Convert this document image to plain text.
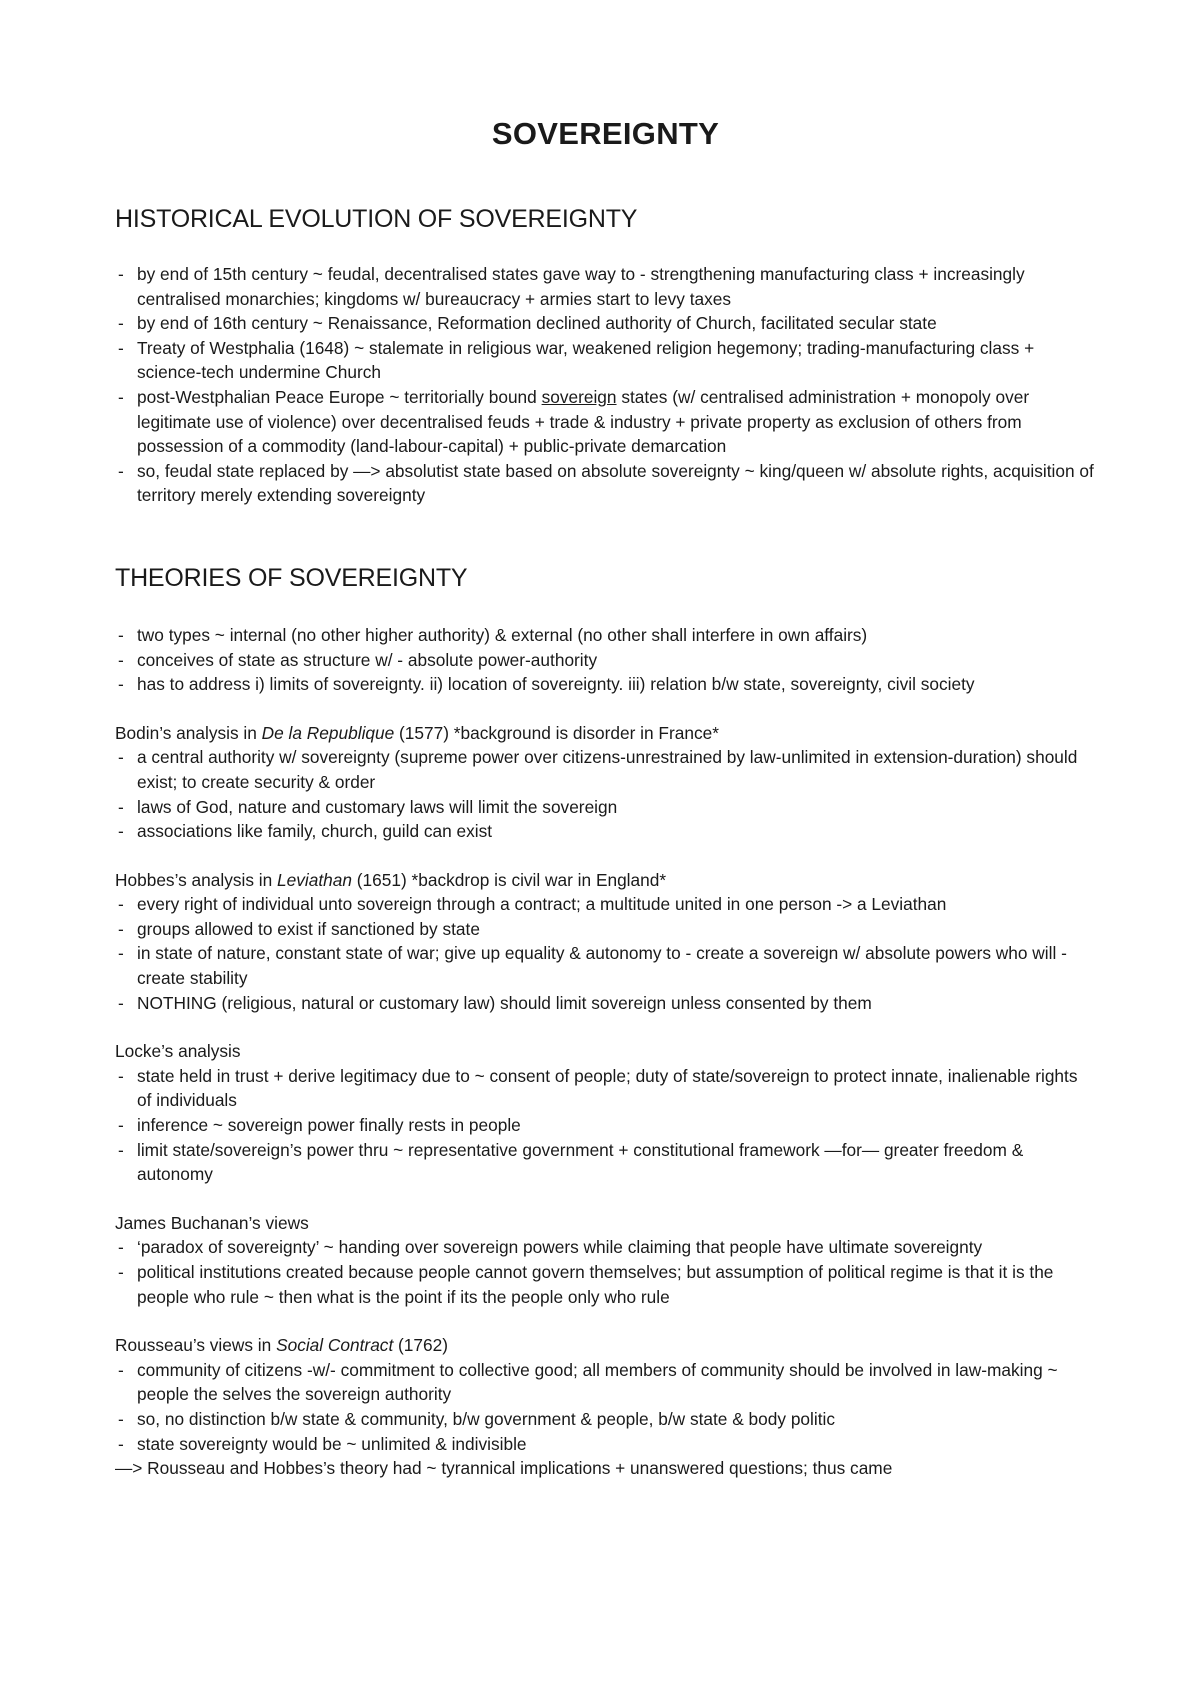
SOVEREIGNTY
HISTORICAL EVOLUTION OF SOVEREIGNTY
- by end of 15th century ~ feudal, decentralised states gave way to - strengthening manufacturing class + increasingly centralised monarchies; kingdoms w/ bureaucracy + armies start to levy taxes
- by end of 16th century ~ Renaissance, Reformation declined authority of Church, facilitated secular state
- Treaty of Westphalia (1648) ~ stalemate in religious war, weakened religion hegemony; trading-manufacturing class + science-tech undermine Church
- post-Westphalian Peace Europe ~ territorially bound sovereign states (w/ centralised administration + monopoly over legitimate use of violence) over decentralised feuds + trade & industry + private property as exclusion of others from possession of a commodity (land-labour-capital) + public-private demarcation
- so, feudal state replaced by —> absolutist state based on absolute sovereignty ~ king/queen w/ absolute rights, acquisition of territory merely extending sovereignty
THEORIES OF SOVEREIGNTY
- two types ~ internal (no other higher authority) & external (no other shall interfere in own affairs)
- conceives of state as structure w/ - absolute power-authority
- has to address i) limits of sovereignty. ii) location of sovereignty. iii) relation b/w state, sovereignty, civil society
Bodin’s analysis in De la Republique (1577) *background is disorder in France*
- a central authority w/ sovereignty (supreme power over citizens-unrestrained by law-unlimited in extension-duration) should exist; to create security & order
- laws of God, nature and customary laws will limit the sovereign
- associations like family, church, guild can exist
Hobbes’s analysis in Leviathan (1651) *backdrop is civil war in England*
- every right of individual unto sovereign through a contract; a multitude united in one person -> a Leviathan
- groups allowed to exist if sanctioned by state
- in state of nature, constant state of war; give up equality & autonomy to - create a sovereign w/ absolute powers who will - create stability
- NOTHING (religious, natural or customary law) should limit sovereign unless consented by them
Locke’s analysis
- state held in trust + derive legitimacy due to ~ consent of people; duty of state/sovereign to protect innate, inalienable rights of individuals
- inference ~ sovereign power finally rests in people
- limit state/sovereign’s power thru ~ representative government + constitutional framework —for— greater freedom & autonomy
James Buchanan’s views
- ‘paradox of sovereignty’ ~ handing over sovereign powers while claiming that people have ultimate sovereignty
- political institutions created because people cannot govern themselves; but assumption of political regime is that it is the people who rule ~ then what is the point if its the people only who rule
Rousseau’s views in Social Contract (1762)
- community of citizens -w/- commitment to collective good; all members of community should be involved in law-making ~ people the selves the sovereign authority
- so, no distinction b/w state & community, b/w government & people, b/w state & body politic
- state sovereignty would be ~ unlimited & indivisible

—> Rousseau and Hobbes’s theory had ~ tyrannical implications + unanswered questions; thus came
